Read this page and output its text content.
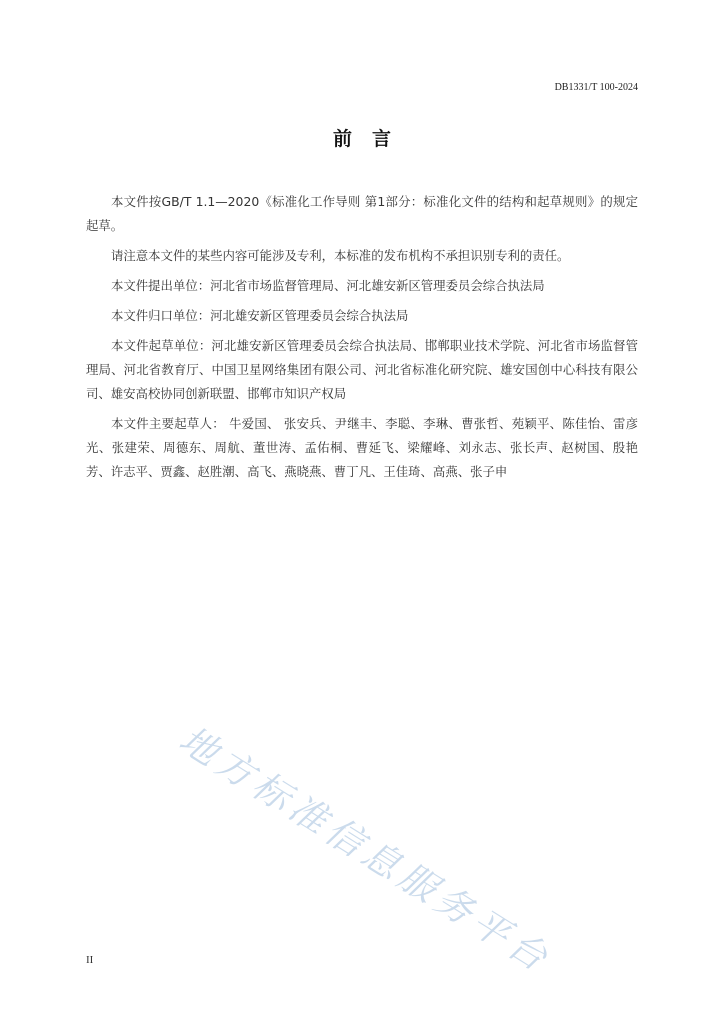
DB1331/T 100-2024
前言

本文件按GB/T 1.1—2020《标准化工作导则 第1部分：标准化文件的结构和起草规则》的规定起草。

请注意本文件的某些内容可能涉及专利，本标准的发布机构不承担识别专利的责任。

本文件提出单位：河北省市场监督管理局、河北雄安新区管理委员会综合执法局

本文件归口单位：河北雄安新区管理委员会综合执法局

本文件起草单位：河北雄安新区管理委员会综合执法局、邯郸职业技术学院、河北省市场监督管理局、河北省教育厅、中国卫星网络集团有限公司、河北省标准化研究院、雄安国创中心科技有限公司、雄安高校协同创新联盟、邯郸市知识产权局

本文件主要起草人： 牛爱国、 张安兵、尹继丰、李聪、李琳、曹张哲、苑颖平、陈佳怡、雷彦光、张建荣、周德东、周航、董世涛、孟佑桐、曹延飞、梁耀峰、刘永志、张长声、赵树国、殷艳芳、许志平、贾鑫、赵胜潮、高飞、燕晓燕、曹丁凡、王佳琦、高燕、张子申

地方标准信息服务平台
II
